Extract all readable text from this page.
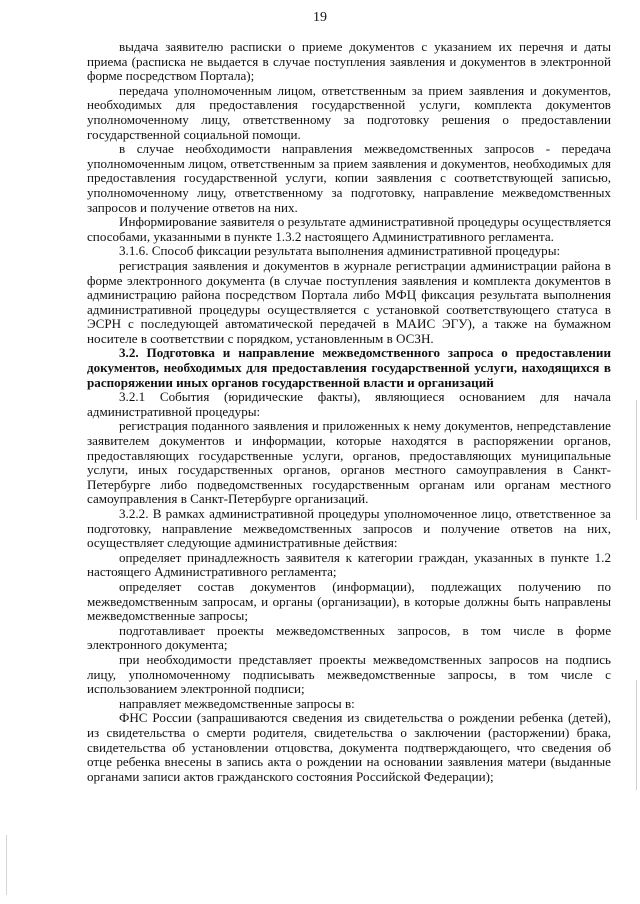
19

выдача заявителю расписки о приеме документов с указанием их перечня и даты приема (расписка не выдается в случае поступления заявления и документов в электронной форме посредством Портала);

передача уполномоченным лицом, ответственным за прием заявления и документов, необходимых для предоставления государственной услуги, комплекта документов уполномоченному лицу, ответственному за подготовку решения о предоставлении государственной социальной помощи.

в случае необходимости направления межведомственных запросов - передача уполномоченным лицом, ответственным за прием заявления и документов, необходимых для предоставления государственной услуги, копии заявления с соответствующей записью, уполномоченному лицу, ответственному за подготовку, направление межведомственных запросов и получение ответов на них.

Информирование заявителя о результате административной процедуры осуществляется способами, указанными в пункте 1.3.2 настоящего Административного регламента.

3.1.6. Способ фиксации результата выполнения административной процедуры:

регистрация заявления и документов в журнале регистрации администрации района в форме электронного документа (в случае поступления заявления и комплекта документов в администрацию района посредством Портала либо МФЦ фиксация результата выполнения административной процедуры осуществляется с установкой соответствующего статуса в ЭСРН с последующей автоматической передачей в МАИС ЭГУ), а также на бумажном носителе в соответствии с порядком, установленным в ОСЗН.

3.2. Подготовка и направление межведомственного запроса о предоставлении документов, необходимых для предоставления государственной услуги, находящихся в распоряжении иных органов государственной власти и организаций

3.2.1 События (юридические факты), являющиеся основанием для начала административной процедуры:

регистрация поданного заявления и приложенных к нему документов, непредставление заявителем документов и информации, которые находятся в распоряжении органов, предоставляющих государственные услуги, органов, предоставляющих муниципальные услуги, иных государственных органов, органов местного самоуправления в Санкт-Петербурге либо подведомственных государственным органам или органам местного самоуправления в Санкт-Петербурге организаций.

3.2.2. В рамках административной процедуры уполномоченное лицо, ответственное за подготовку, направление межведомственных запросов и получение ответов на них, осуществляет следующие административные действия:

определяет принадлежность заявителя к категории граждан, указанных в пункте 1.2 настоящего Административного регламента;

определяет состав документов (информации), подлежащих получению по межведомственным запросам, и органы (организации), в которые должны быть направлены межведомственные запросы;

подготавливает проекты межведомственных запросов, в том числе в форме электронного документа;

при необходимости представляет проекты межведомственных запросов на подпись лицу, уполномоченному подписывать межведомственные запросы, в том числе с использованием электронной подписи;

направляет межведомственные запросы в:

ФНС России (запрашиваются сведения из свидетельства о рождении ребенка (детей), из свидетельства о смерти родителя, свидетельства о заключении (расторжении) брака, свидетельства об установлении отцовства, документа подтверждающего, что сведения об отце ребенка внесены в запись акта о рождении на основании заявления матери (выданные органами записи актов гражданского состояния Российской Федерации);
